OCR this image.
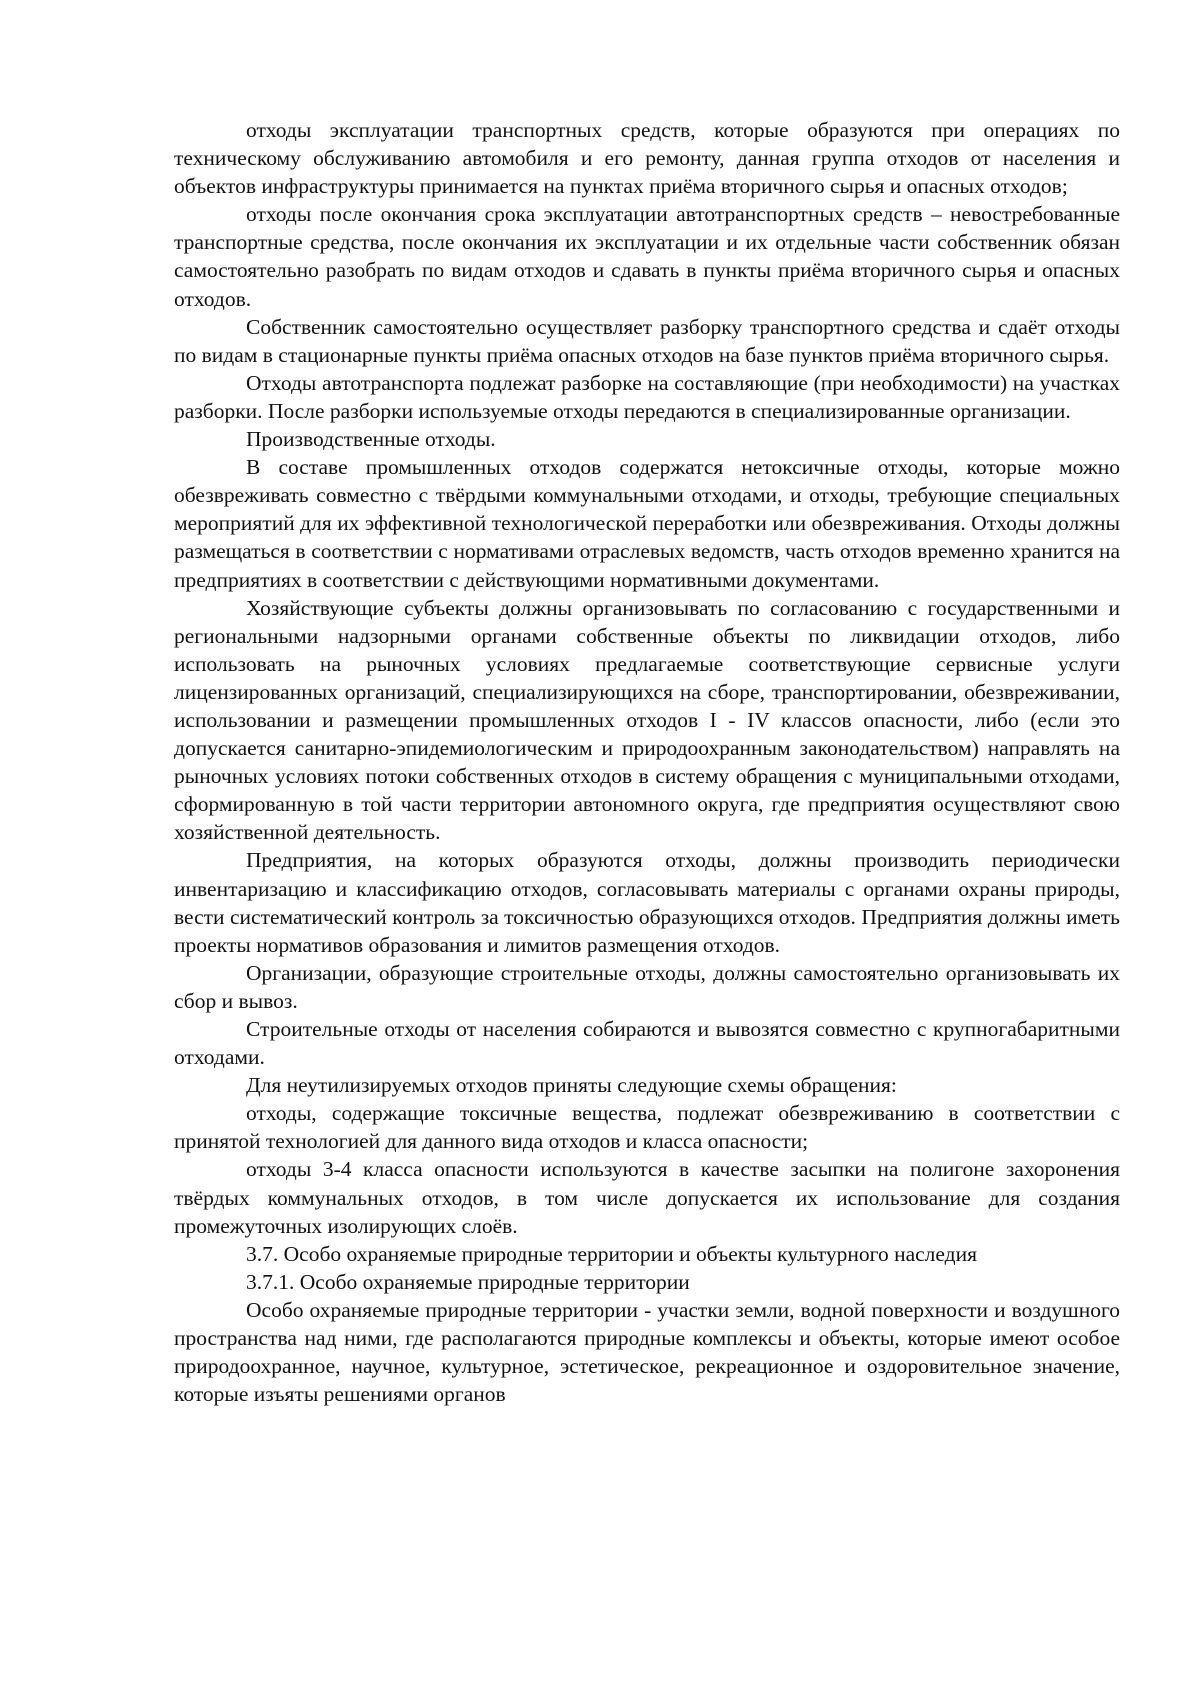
отходы эксплуатации транспортных средств, которые образуются при операциях по техническому обслуживанию автомобиля и его ремонту, данная группа отходов от населения и объектов инфраструктуры принимается на пунктах приёма вторичного сырья и опасных отходов;

отходы после окончания срока эксплуатации автотранспортных средств – невостребованные транспортные средства, после окончания их эксплуатации и их отдельные части собственник обязан самостоятельно разобрать по видам отходов и сдавать в пункты приёма вторичного сырья и опасных отходов.

Собственник самостоятельно осуществляет разборку транспортного средства и сдаёт отходы по видам в стационарные пункты приёма опасных отходов на базе пунктов приёма вторичного сырья.

Отходы автотранспорта подлежат разборке на составляющие (при необходимости) на участках разборки. После разборки используемые отходы передаются в специализированные организации.

Производственные отходы.

В составе промышленных отходов содержатся нетоксичные отходы, которые можно обезвреживать совместно с твёрдыми коммунальными отходами, и отходы, требующие специальных мероприятий для их эффективной технологической переработки или обезвреживания. Отходы должны размещаться в соответствии с нормативами отраслевых ведомств, часть отходов временно хранится на предприятиях в соответствии с действующими нормативными документами.

Хозяйствующие субъекты должны организовывать по согласованию с государственными и региональными надзорными органами собственные объекты по ликвидации отходов, либо использовать на рыночных условиях предлагаемые соответствующие сервисные услуги лицензированных организаций, специализирующихся на сборе, транспортировании, обезвреживании, использовании и размещении промышленных отходов I - IV классов опасности, либо (если это допускается санитарно-эпидемиологическим и природоохранным законодательством) направлять на рыночных условиях потоки собственных отходов в систему обращения с муниципальными отходами, сформированную в той части территории автономного округа, где предприятия осуществляют свою хозяйственной деятельность.

Предприятия, на которых образуются отходы, должны производить периодически инвентаризацию и классификацию отходов, согласовывать материалы с органами охраны природы, вести систематический контроль за токсичностью образующихся отходов. Предприятия должны иметь проекты нормативов образования и лимитов размещения отходов.

Организации, образующие строительные отходы, должны самостоятельно организовывать их сбор и вывоз.

Строительные отходы от населения собираются и вывозятся совместно с крупногабаритными отходами.

Для неутилизируемых отходов приняты следующие схемы обращения:

отходы, содержащие токсичные вещества, подлежат обезвреживанию в соответствии с принятой технологией для данного вида отходов и класса опасности;

отходы 3-4 класса опасности используются в качестве засыпки на полигоне захоронения твёрдых коммунальных отходов, в том числе допускается их использование для создания промежуточных изолирующих слоёв.

3.7. Особо охраняемые природные территории и объекты культурного наследия

3.7.1. Особо охраняемые природные территории

Особо охраняемые природные территории - участки земли, водной поверхности и воздушного пространства над ними, где располагаются природные комплексы и объекты, которые имеют особое природоохранное, научное, культурное, эстетическое, рекреационное и оздоровительное значение, которые изъяты решениями органов
